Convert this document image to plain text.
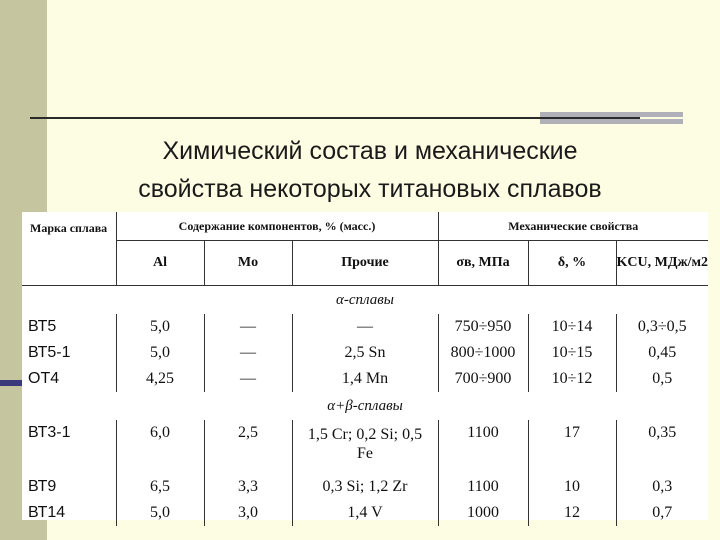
Химический состав и механические
свойства некоторых титановых сплавов
Марка сплава	Содержание компонентов, % (масс.)			Механические свойства		
	Al	Mo	Прочие	σв, МПа	δ, %	KCU, МДж/м2
			α-сплавы			
ВТ5	5,0	—	—	750÷950	10÷14	0,3÷0,5
ВТ5-1	5,0	—	2,5 Sn	800÷1000	10÷15	0,45
ОТ4	4,25	—	1,4 Mn	700÷900	10÷12	0,5
			α+β-сплавы			
ВТ3-1	6,0	2,5	1,5 Cr; 0,2 Si; 0,5 Fe	1100	17	0,35

ВТ9	6,5	3,3	0,3 Si; 1,2 Zr	1100	10	0,3
ВТ14	5,0	3,0	1,4 V	1000	12	0,7
